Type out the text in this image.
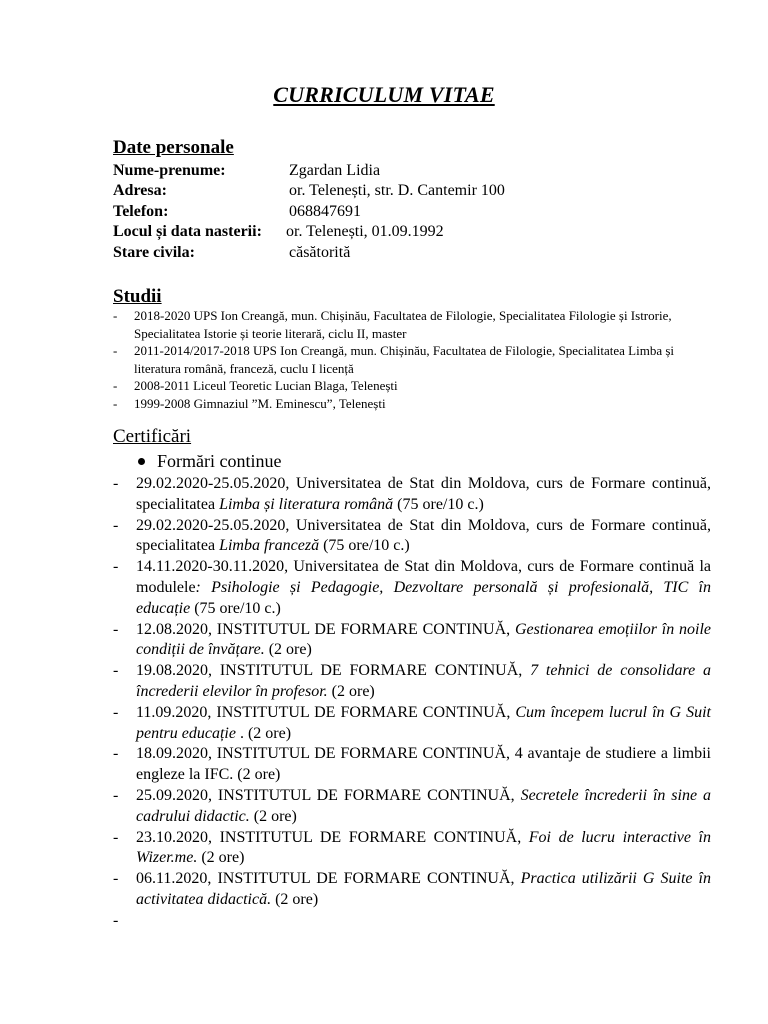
CURRICULUM VITAE
Date personale
Nume-prenume:	Zgardan Lidia
Adresa:	or. Telenești, str. D. Cantemir 100
Telefon:	068847691
Locul și data nasterii: or. Telenești, 01.09.1992
Stare civila:	căsătorită
Studii
- 2018-2020 UPS Ion Creangă, mun. Chișinău, Facultatea de Filologie, Specialitatea Filologie și Istrorie, Specialitatea Istorie și teorie literară, ciclu II, master
- 2011-2014/2017-2018 UPS Ion Creangă, mun. Chișinău, Facultatea de Filologie, Specialitatea Limba și literatura română, franceză, cuclu I licență
- 2008-2011 Liceul Teoretic Lucian Blaga, Telenești
- 1999-2008 Gimnaziul ”M. Eminescu”, Telenești
Certificări
Formări continue
- 29.02.2020-25.05.2020, Universitatea de Stat din Moldova, curs de Formare continuă, specialitatea Limba și literatura română (75 ore/10 c.)
- 29.02.2020-25.05.2020, Universitatea de Stat din Moldova, curs de Formare continuă, specialitatea Limba franceză (75 ore/10 c.)
- 14.11.2020-30.11.2020, Universitatea de Stat din Moldova, curs de Formare continuă la modulele: Psihologie și Pedagogie, Dezvoltare personală și profesională, TIC în educație (75 ore/10 c.)
- 12.08.2020, INSTITUTUL DE FORMARE CONTINUĂ, Gestionarea emoțiilor în noile condiții de învățare. (2 ore)
- 19.08.2020, INSTITUTUL DE FORMARE CONTINUĂ, 7 tehnici de consolidare a încrederii elevilor în profesor. (2 ore)
- 11.09.2020, INSTITUTUL DE FORMARE CONTINUĂ, Cum începem lucrul în G Suit pentru educație . (2 ore)
- 18.09.2020, INSTITUTUL DE FORMARE CONTINUĂ, 4 avantaje de studiere a limbii engleze la IFC. (2 ore)
- 25.09.2020, INSTITUTUL DE FORMARE CONTINUĂ, Secretele încrederii în sine a cadrului didactic. (2 ore)
- 23.10.2020, INSTITUTUL DE FORMARE CONTINUĂ, Foi de lucru interactive în Wizer.me. (2 ore)
- 06.11.2020, INSTITUTUL DE FORMARE CONTINUĂ, Practica utilizării G Suite în activitatea didactică. (2 ore)
-
